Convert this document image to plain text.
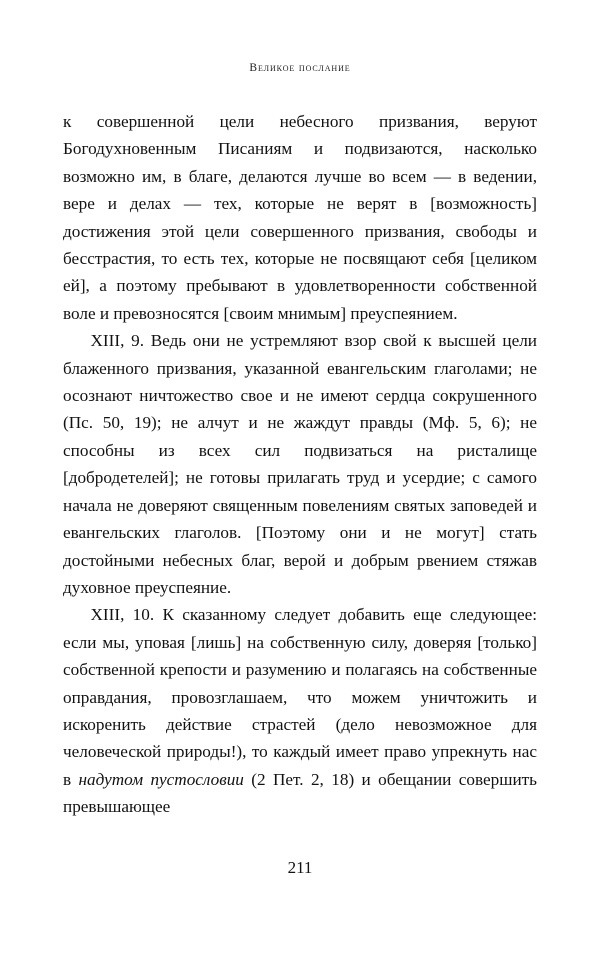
Великое послание

к совершенной цели небесного призвания, веруют Богодухновенным Писаниям и подвизаются, насколько возможно им, в благе, делаются лучше во всем — в ведении, вере и делах — тех, которые не верят в [возможность] достижения этой цели совершенного призвания, свободы и бесстрастия, то есть тех, которые не посвящают себя [целиком ей], а поэтому пребывают в удовлетворенности собственной воле и превозносятся [своим мнимым] преуспеянием.

XIII, 9. Ведь они не устремляют взор свой к высшей цели блаженного призвания, указанной евангельским глаголами; не осознают ничтожество свое и не имеют сердца сокрушенного (Пс. 50, 19); не алчут и не жаждут правды (Мф. 5, 6); не способны из всех сил подвизаться на ристалище [добродетелей]; не готовы прилагать труд и усердие; с самого начала не доверяют священным повелениям святых заповедей и евангельских глаголов. [Поэтому они и не могут] стать достойными небесных благ, верой и добрым рвением стяжав духовное преуспеяние.

XIII, 10. К сказанному следует добавить еще следующее: если мы, уповая [лишь] на собственную силу, доверяя [только] собственной крепости и разумению и полагаясь на собственные оправдания, провозглашаем, что можем уничтожить и искоренить действие страстей (дело невозможное для человеческой природы!), то каждый имеет право упрекнуть нас в надутом пустословии (2 Пет. 2, 18) и обещании совершить превышающее

211
